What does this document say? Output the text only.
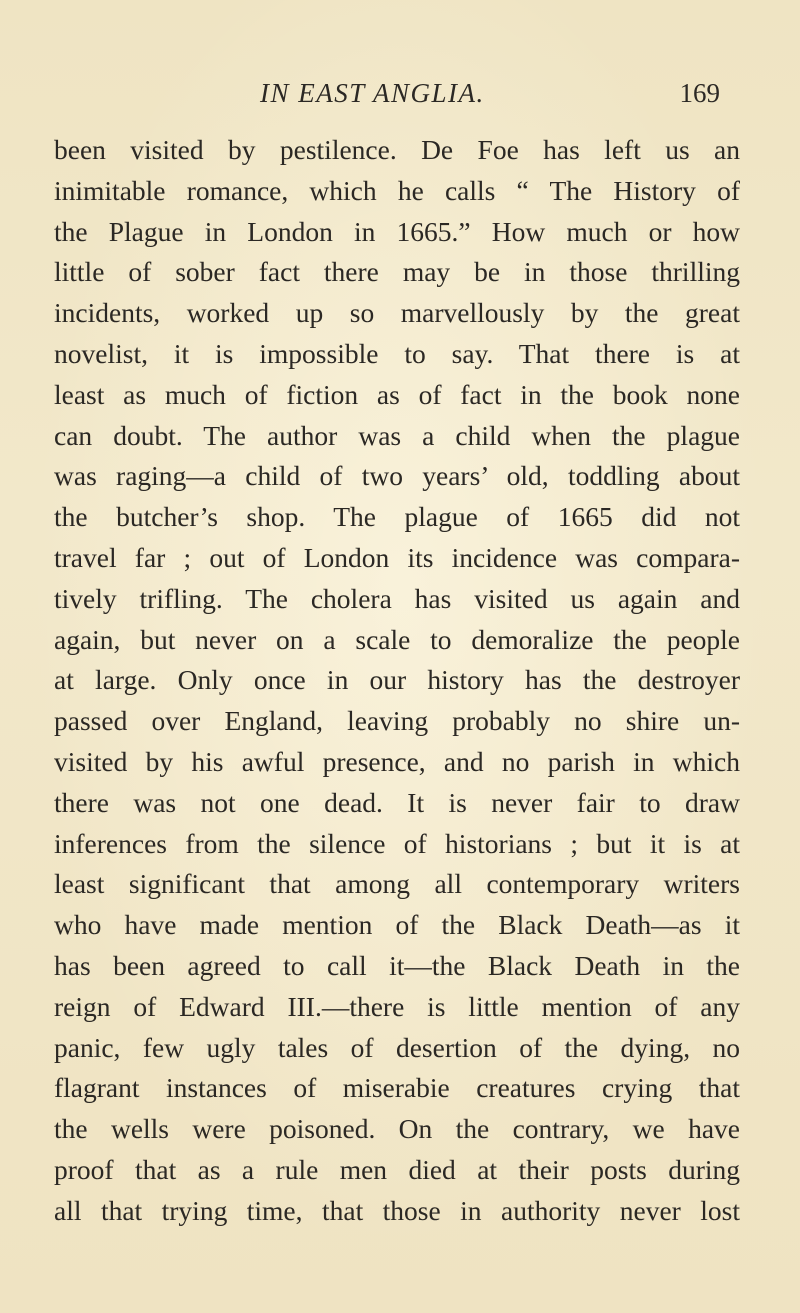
IN EAST ANGLIA.	169
been visited by pestilence. De Foe has left us an
inimitable romance, which he calls “ The History of
the Plague in London in 1665.” How much or how
little of sober fact there may be in those thrilling
incidents, worked up so marvellously by the great
novelist, it is impossible to say. That there is at
least as much of fiction as of fact in the book none
can doubt. The author was a child when the plague
was raging—a child of two years’ old, toddling about
the butcher’s shop. The plague of 1665 did not
travel far ; out of London its incidence was compara-
tively trifling. The cholera has visited us again and
again, but never on a scale to demoralize the people
at large. Only once in our history has the destroyer
passed over England, leaving probably no shire un-
visited by his awful presence, and no parish in which
there was not one dead. It is never fair to draw
inferences from the silence of historians ; but it is at
least significant that among all contemporary writers
who have made mention of the Black Death—as it
has been agreed to call it—the Black Death in the
reign of Edward III.—there is little mention of any
panic, few ugly tales of desertion of the dying, no
flagrant instances of miserabie creatures crying that
the wells were poisoned. On the contrary, we have
proof that as a rule men died at their posts during
all that trying time, that those in authority never lost
